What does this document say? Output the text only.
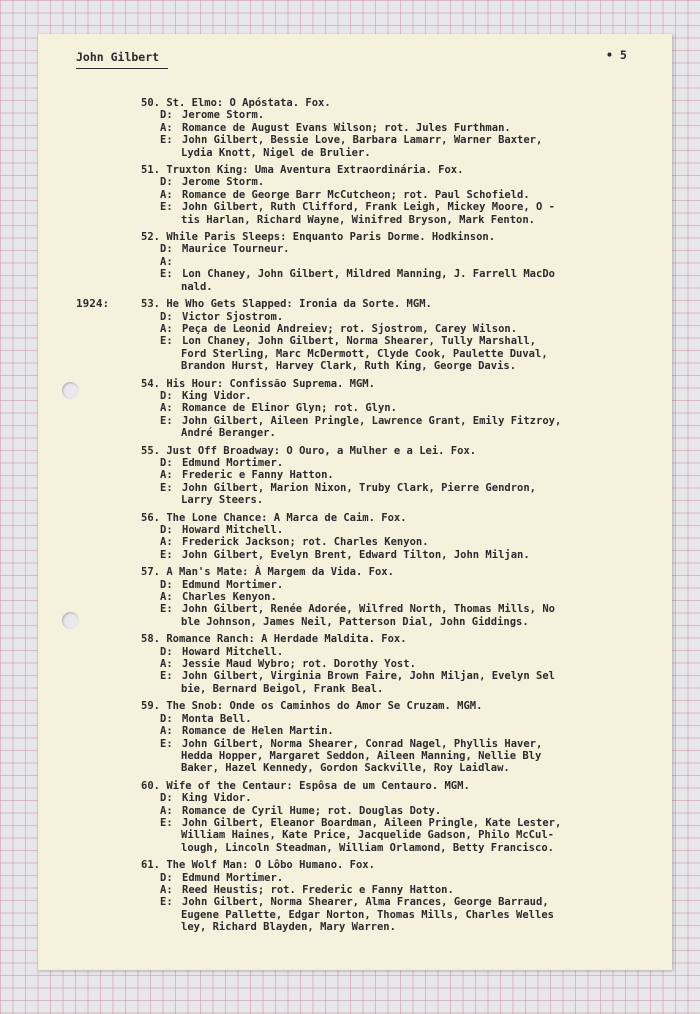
John Gilbert	• 5
50. St. Elmo: O Apóstata. Fox.
D: Jerome Storm.
A: Romance de August Evans Wilson; rot. Jules Furthman.
E: John Gilbert, Bessie Love, Barbara Lamarr, Warner Baxter,
Lydia Knott, Nigel de Brulier.
51. Truxton King: Uma Aventura Extraordinária. Fox.
D: Jerome Storm.
A: Romance de George Barr McCutcheon; rot. Paul Schofield.
E: John Gilbert, Ruth Clifford, Frank Leigh, Mickey Moore, O -
tis Harlan, Richard Wayne, Winifred Bryson, Mark Fenton.
52. While Paris Sleeps: Enquanto Paris Dorme. Hodkinson.
D: Maurice Tourneur.
A:
E: Lon Chaney, John Gilbert, Mildred Manning, J. Farrell MacDo
nald.
1924:	53. He Who Gets Slapped: Ironia da Sorte. MGM.
D: Victor Sjostrom.
A: Peça de Leonid Andreiev; rot. Sjostrom, Carey Wilson.
E: Lon Chaney, John Gilbert, Norma Shearer, Tully Marshall,
Ford Sterling, Marc McDermott, Clyde Cook, Paulette Duval,
Brandon Hurst, Harvey Clark, Ruth King, George Davis.
54. His Hour: Confissão Suprema. MGM.
D: King Vidor.
A: Romance de Elinor Glyn; rot. Glyn.
E: John Gilbert, Aileen Pringle, Lawrence Grant, Emily Fitzroy,
André Beranger.
55. Just Off Broadway: O Ouro, a Mulher e a Lei. Fox.
D: Edmund Mortimer.
A: Frederic e Fanny Hatton.
E: John Gilbert, Marion Nixon, Truby Clark, Pierre Gendron,
Larry Steers.
56. The Lone Chance: A Marca de Caim. Fox.
D: Howard Mitchell.
A: Frederick Jackson; rot. Charles Kenyon.
E: John Gilbert, Evelyn Brent, Edward Tilton, John Miljan.
57. A Man's Mate: À Margem da Vida. Fox.
D: Edmund Mortimer.
A: Charles Kenyon.
E: John Gilbert, Renée Adorée, Wilfred North, Thomas Mills, No
ble Johnson, James Neil, Patterson Dial, John Giddings.
58. Romance Ranch: A Herdade Maldita. Fox.
D: Howard Mitchell.
A: Jessie Maud Wybro; rot. Dorothy Yost.
E: John Gilbert, Virginia Brown Faire, John Miljan, Evelyn Sel
bie, Bernard Beigol, Frank Beal.
59. The Snob: Onde os Caminhos do Amor Se Cruzam. MGM.
D: Monta Bell.
A: Romance de Helen Martin.
E: John Gilbert, Norma Shearer, Conrad Nagel, Phyllis Haver,
Hedda Hopper, Margaret Seddon, Aileen Manning, Nellie Bly
Baker, Hazel Kennedy, Gordon Sackville, Roy Laidlaw.
60. Wife of the Centaur: Espôsa de um Centauro. MGM.
D: King Vidor.
A: Romance de Cyril Hume; rot. Douglas Doty.
E: John Gilbert, Eleanor Boardman, Aileen Pringle, Kate Lester,
William Haines, Kate Price, Jacquelide Gadson, Philo McCul-
lough, Lincoln Steadman, William Orlamond, Betty Francisco.
61. The Wolf Man: O Lôbo Humano. Fox.
D: Edmund Mortimer.
A: Reed Heustis; rot. Frederic e Fanny Hatton.
E: John Gilbert, Norma Shearer, Alma Frances, George Barraud,
Eugene Pallette, Edgar Norton, Thomas Mills, Charles Welles
ley, Richard Blayden, Mary Warren.
